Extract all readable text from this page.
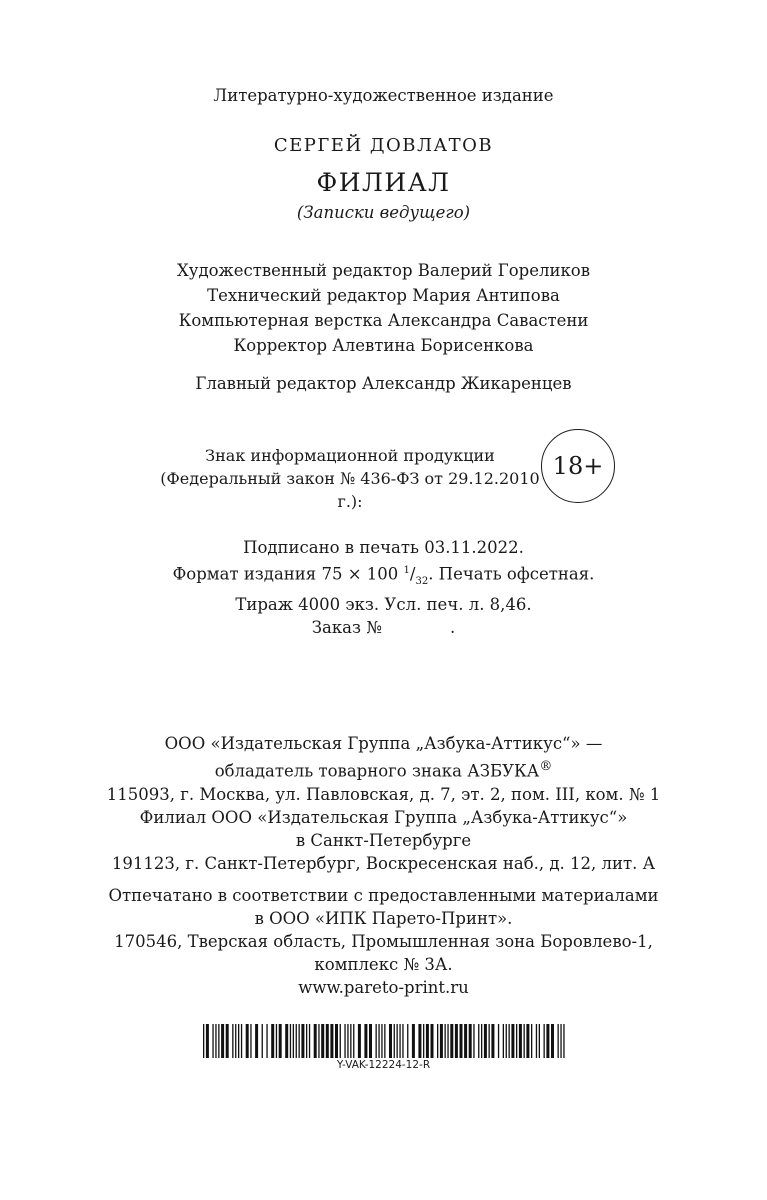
Литературно-художественное издание
СЕРГЕЙ ДОВЛАТОВ
ФИЛИАЛ
(Записки ведущего)
Художественный редактор Валерий Гореликов
Технический редактор Мария Антипова
Компьютерная верстка Александра Савастени
Корректор Алевтина Борисенкова
Главный редактор Александр Жикаренцев
Знак информационной продукции
(Федеральный закон № 436-ФЗ от 29.12.2010 г.):
18+
Подписано в печать 03.11.2022.
Формат издания 75 × 100 $^1/_{32}$. Печать офсетная.
Тираж 4000 экз. Усл. печ. л. 8,46.
Заказ №             .
ООО «Издательская Группа „Азбука-Аттикус“» —
обладатель товарного знака АЗБУКА®
115093, г. Москва, ул. Павловская, д. 7, эт. 2, пом. III, ком. № 1
Филиал ООО «Издательская Группа „Азбука-Аттикус“»
в Санкт-Петербурге
191123, г. Санкт-Петербург, Воскресенская наб., д. 12, лит. А
Отпечатано в соответствии с предоставленными материалами
в ООО «ИПК Парето-Принт».
170546, Тверская область, Промышленная зона Боровлево-1,
комплекс № 3А.
www.pareto-print.ru
Y-VAK-12224-12-R
